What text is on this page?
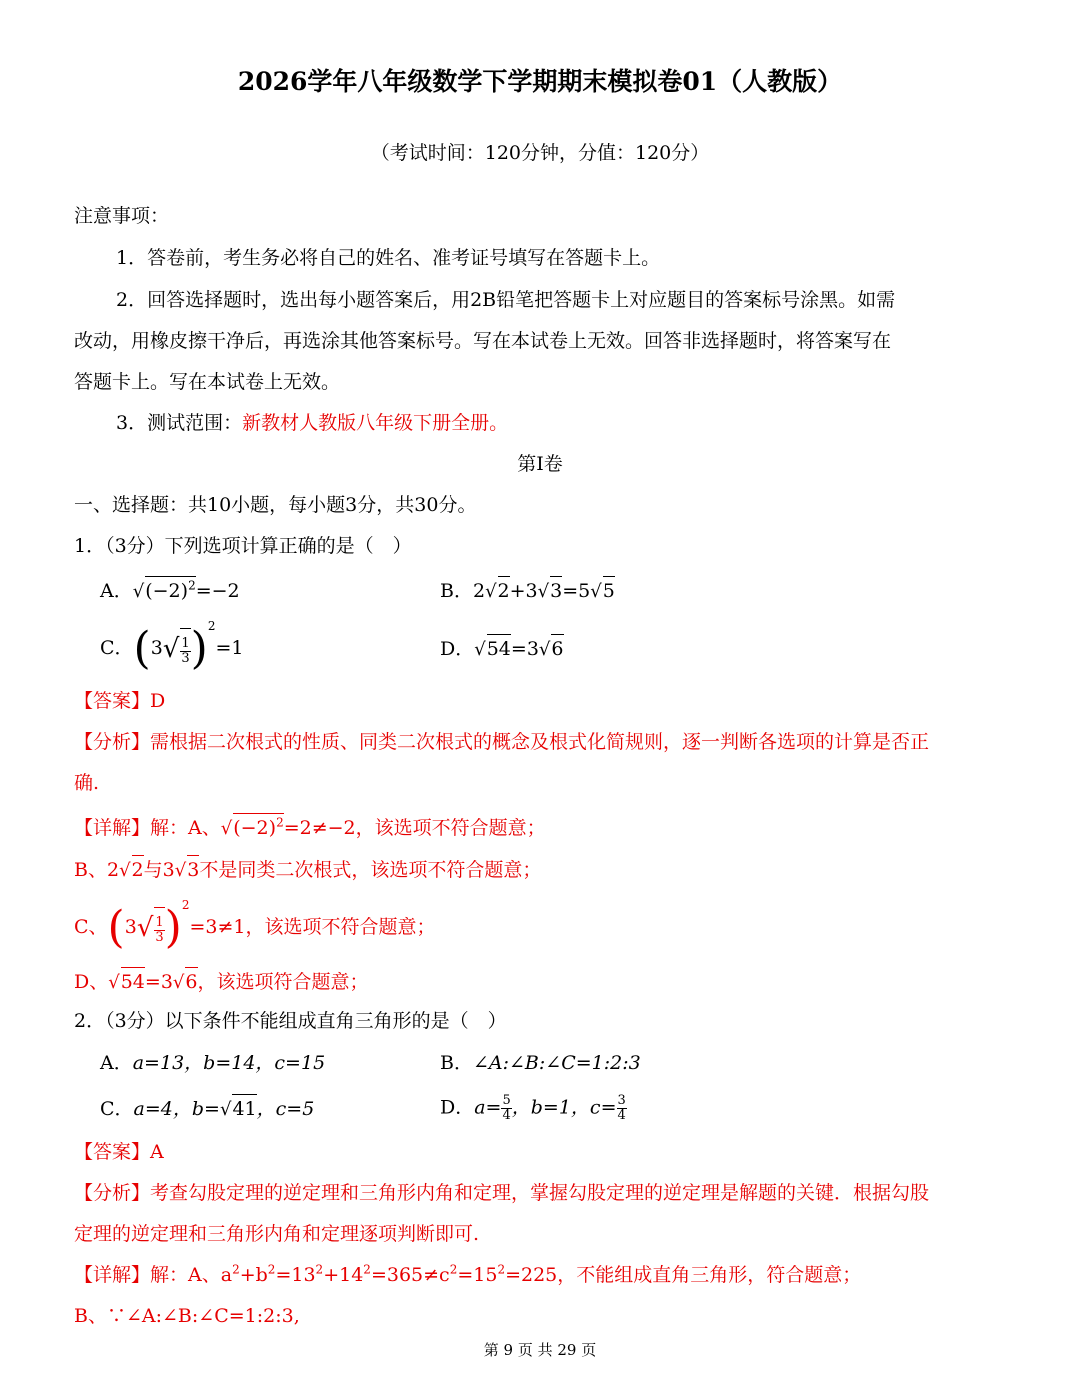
2026学年八年级数学下学期期末模拟卷01（人教版）
（考试时间：120分钟，分值：120分）
注意事项：
1．答卷前，考生务必将自己的姓名、准考证号填写在答题卡上。
2．回答选择题时，选出每小题答案后，用2B铅笔把答题卡上对应题目的答案标号涂黑。如需
改动，用橡皮擦干净后，再选涂其他答案标号。写在本试卷上无效。回答非选择题时，将答案写在
答题卡上。写在本试卷上无效。
3．测试范围：新教材人教版八年级下册全册。
第I卷
一、选择题：共10小题，每小题3分，共30分。
1．（3分）下列选项计算正确的是（　）
A．$√(-2)^2=-2$	B．2√2+3√3=5√5
C．$(3√ \frac{1}{3} )^2=1$	D．√54=3√6
【答案】D
【分析】需根据二次根式的性质、同类二次根式的概念及根式化简规则，逐一判断各选项的计算是否正
确.
【详解】解：A、$√(-2)^2=2\ne-2$，该选项不符合题意；
B、2√2与3√3不是同类二次根式，该选项不符合题意；
C、$(3√ \frac{1}{3} )^2=3\ne 1$，该选项不符合题意；
D、√54=3√6，该选项符合题意；
2．（3分）以下条件不能组成直角三角形的是（　）
A．a=13，b=14，c=15	B．∠A:∠B:∠C=1:2:3
C．a=4，b=√41，c=5	D．$a= \frac{5}{4}$ ，b=1，$c= \frac{3}{4}$
【答案】A
【分析】考查勾股定理的逆定理和三角形内角和定理，掌握勾股定理的逆定理是解题的关键．根据勾股
定理的逆定理和三角形内角和定理逐项判断即可.
【详解】解：A、$a^2+b^2=13^2+14^2=365\ne c^2=15^2=225$，不能组成直角三角形，符合题意；
B、∵∠A:∠B:∠C=1:2:3,
第 9 页 共 29 页
